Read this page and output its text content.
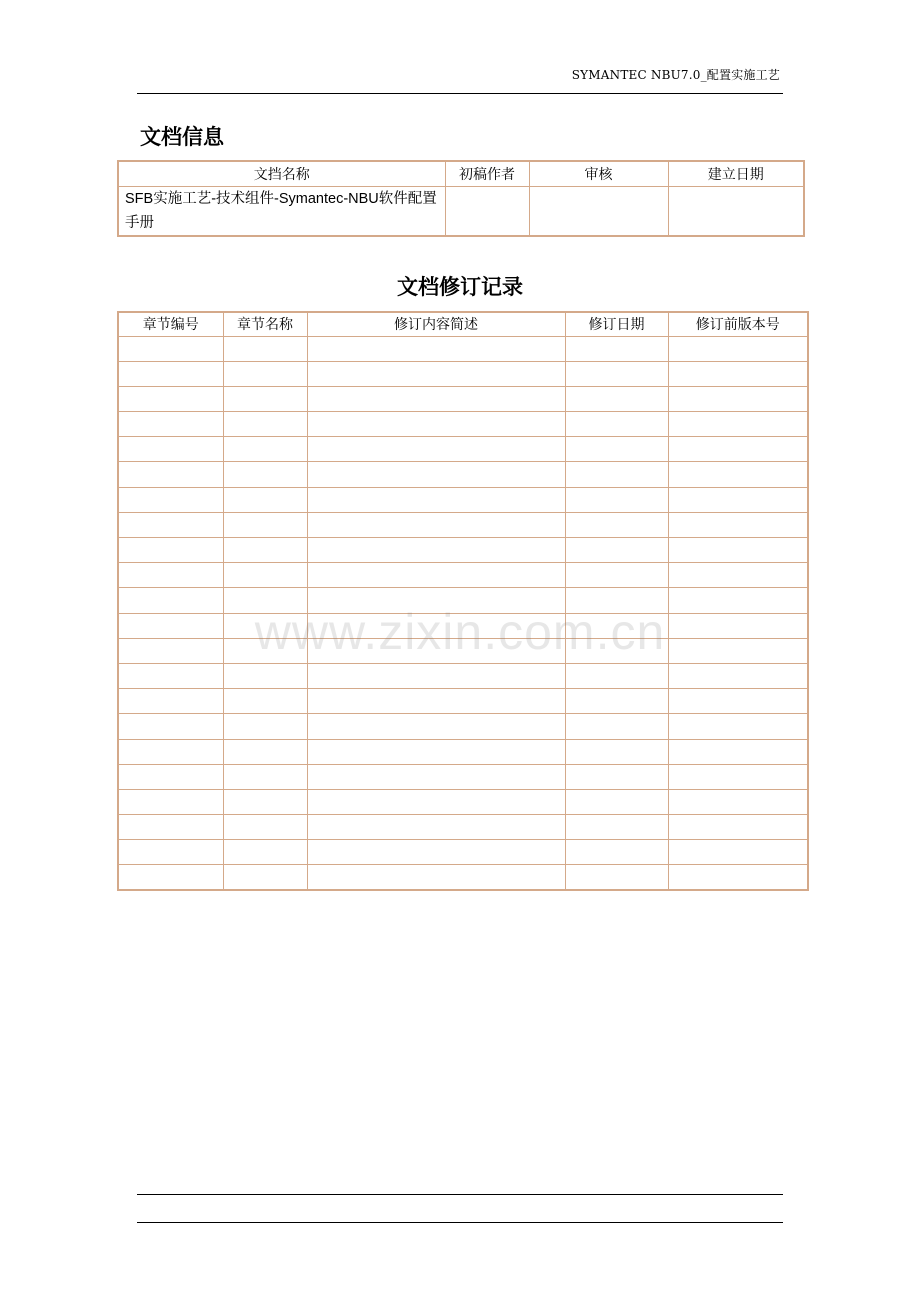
SYMANTEC NBU7.0_配置实施工艺
文档信息
文挡名称	初稿作者	审核	建立日期
SFB实施工艺-技术组件-Symantec-NBU软件配置手册			
文档修订记录
章节编号	章节名称	修订内容简述	修订日期	修订前版本号

www.zixin.com.cn
